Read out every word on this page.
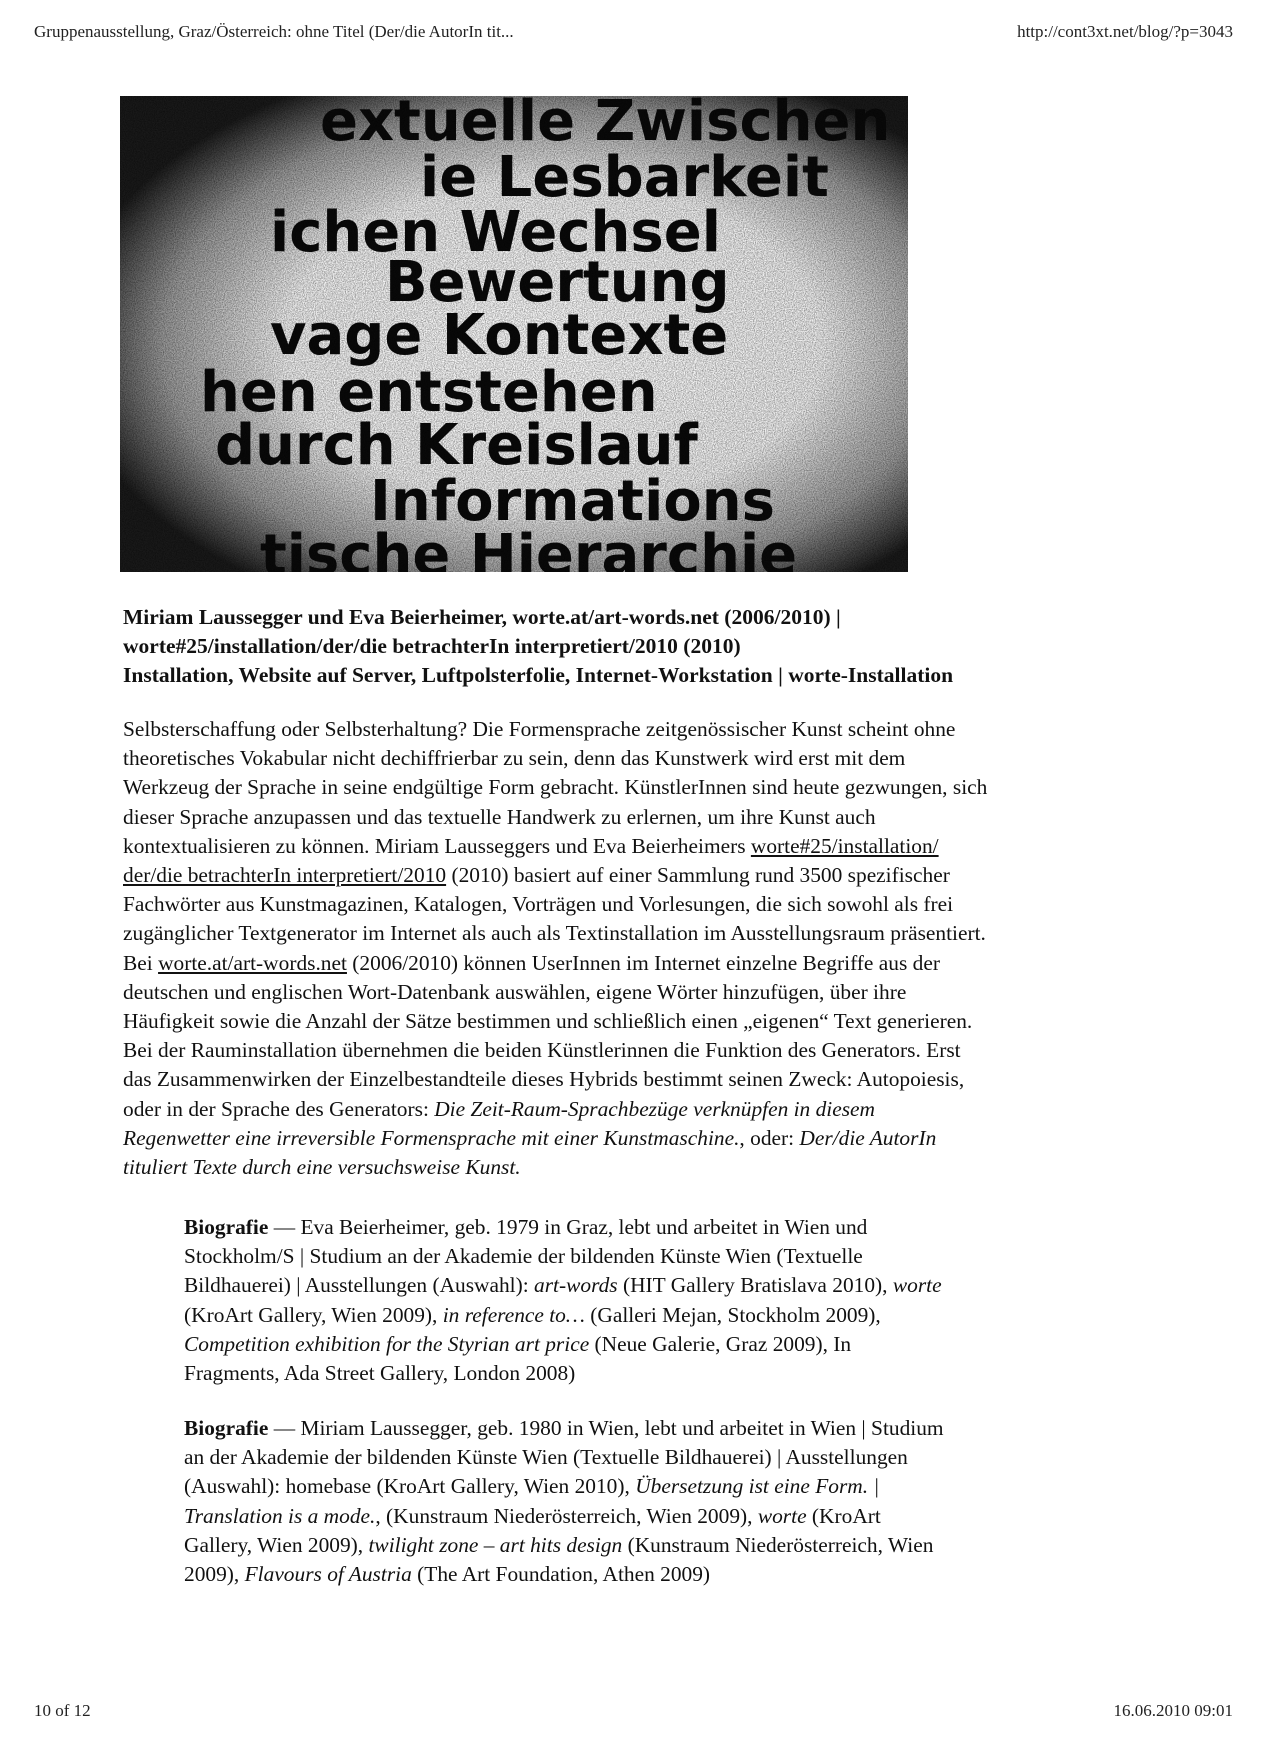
Gruppenausstellung, Graz/Österreich: ohne Titel (Der/die AutorIn tit...	http://cont3xt.net/blog/?p=3043
Miriam Laussegger und Eva Beierheimer, worte.at/art-words.net (2006/2010) |
worte#25/installation/der/die betrachterIn interpretiert/2010 (2010)
Installation, Website auf Server, Luftpolsterfolie, Internet-Workstation | worte-Installation
Selbsterschaffung oder Selbsterhaltung? Die Formensprache zeitgenössischer Kunst scheint ohne
theoretisches Vokabular nicht dechiffrierbar zu sein, denn das Kunstwerk wird erst mit dem
Werkzeug der Sprache in seine endgültige Form gebracht. KünstlerInnen sind heute gezwungen, sich
dieser Sprache anzupassen und das textuelle Handwerk zu erlernen, um ihre Kunst auch
kontextualisieren zu können. Miriam Lausseggers und Eva Beierheimers worte#25/installation/
der/die betrachterIn interpretiert/2010 (2010) basiert auf einer Sammlung rund 3500 spezifischer
Fachwörter aus Kunstmagazinen, Katalogen, Vorträgen und Vorlesungen, die sich sowohl als frei
zugänglicher Textgenerator im Internet als auch als Textinstallation im Ausstellungsraum präsentiert.
Bei worte.at/art-words.net (2006/2010) können UserInnen im Internet einzelne Begriffe aus der
deutschen und englischen Wort-Datenbank auswählen, eigene Wörter hinzufügen, über ihre
Häufigkeit sowie die Anzahl der Sätze bestimmen und schließlich einen „eigenen“ Text generieren.
Bei der Rauminstallation übernehmen die beiden Künstlerinnen die Funktion des Generators. Erst
das Zusammenwirken der Einzelbestandteile dieses Hybrids bestimmt seinen Zweck: Autopoiesis,
oder in der Sprache des Generators: Die Zeit-Raum-Sprachbezüge verknüpfen in diesem
Regenwetter eine irreversible Formensprache mit einer Kunstmaschine., oder: Der/die AutorIn
tituliert Texte durch eine versuchsweise Kunst.
Biografie — Eva Beierheimer, geb. 1979 in Graz, lebt und arbeitet in Wien und
Stockholm/S | Studium an der Akademie der bildenden Künste Wien (Textuelle
Bildhauerei) | Ausstellungen (Auswahl): art-words (HIT Gallery Bratislava 2010), worte
(KroArt Gallery, Wien 2009), in reference to… (Galleri Mejan, Stockholm 2009),
Competition exhibition for the Styrian art price (Neue Galerie, Graz 2009), In
Fragments, Ada Street Gallery, London 2008)
Biografie — Miriam Laussegger, geb. 1980 in Wien, lebt und arbeitet in Wien | Studium
an der Akademie der bildenden Künste Wien (Textuelle Bildhauerei) | Ausstellungen
(Auswahl): homebase (KroArt Gallery, Wien 2010), Übersetzung ist eine Form. |
Translation is a mode., (Kunstraum Niederösterreich, Wien 2009), worte (KroArt
Gallery, Wien 2009), twilight zone – art hits design (Kunstraum Niederösterreich, Wien
2009), Flavours of Austria (The Art Foundation, Athen 2009)
10 of 12	16.06.2010 09:01
